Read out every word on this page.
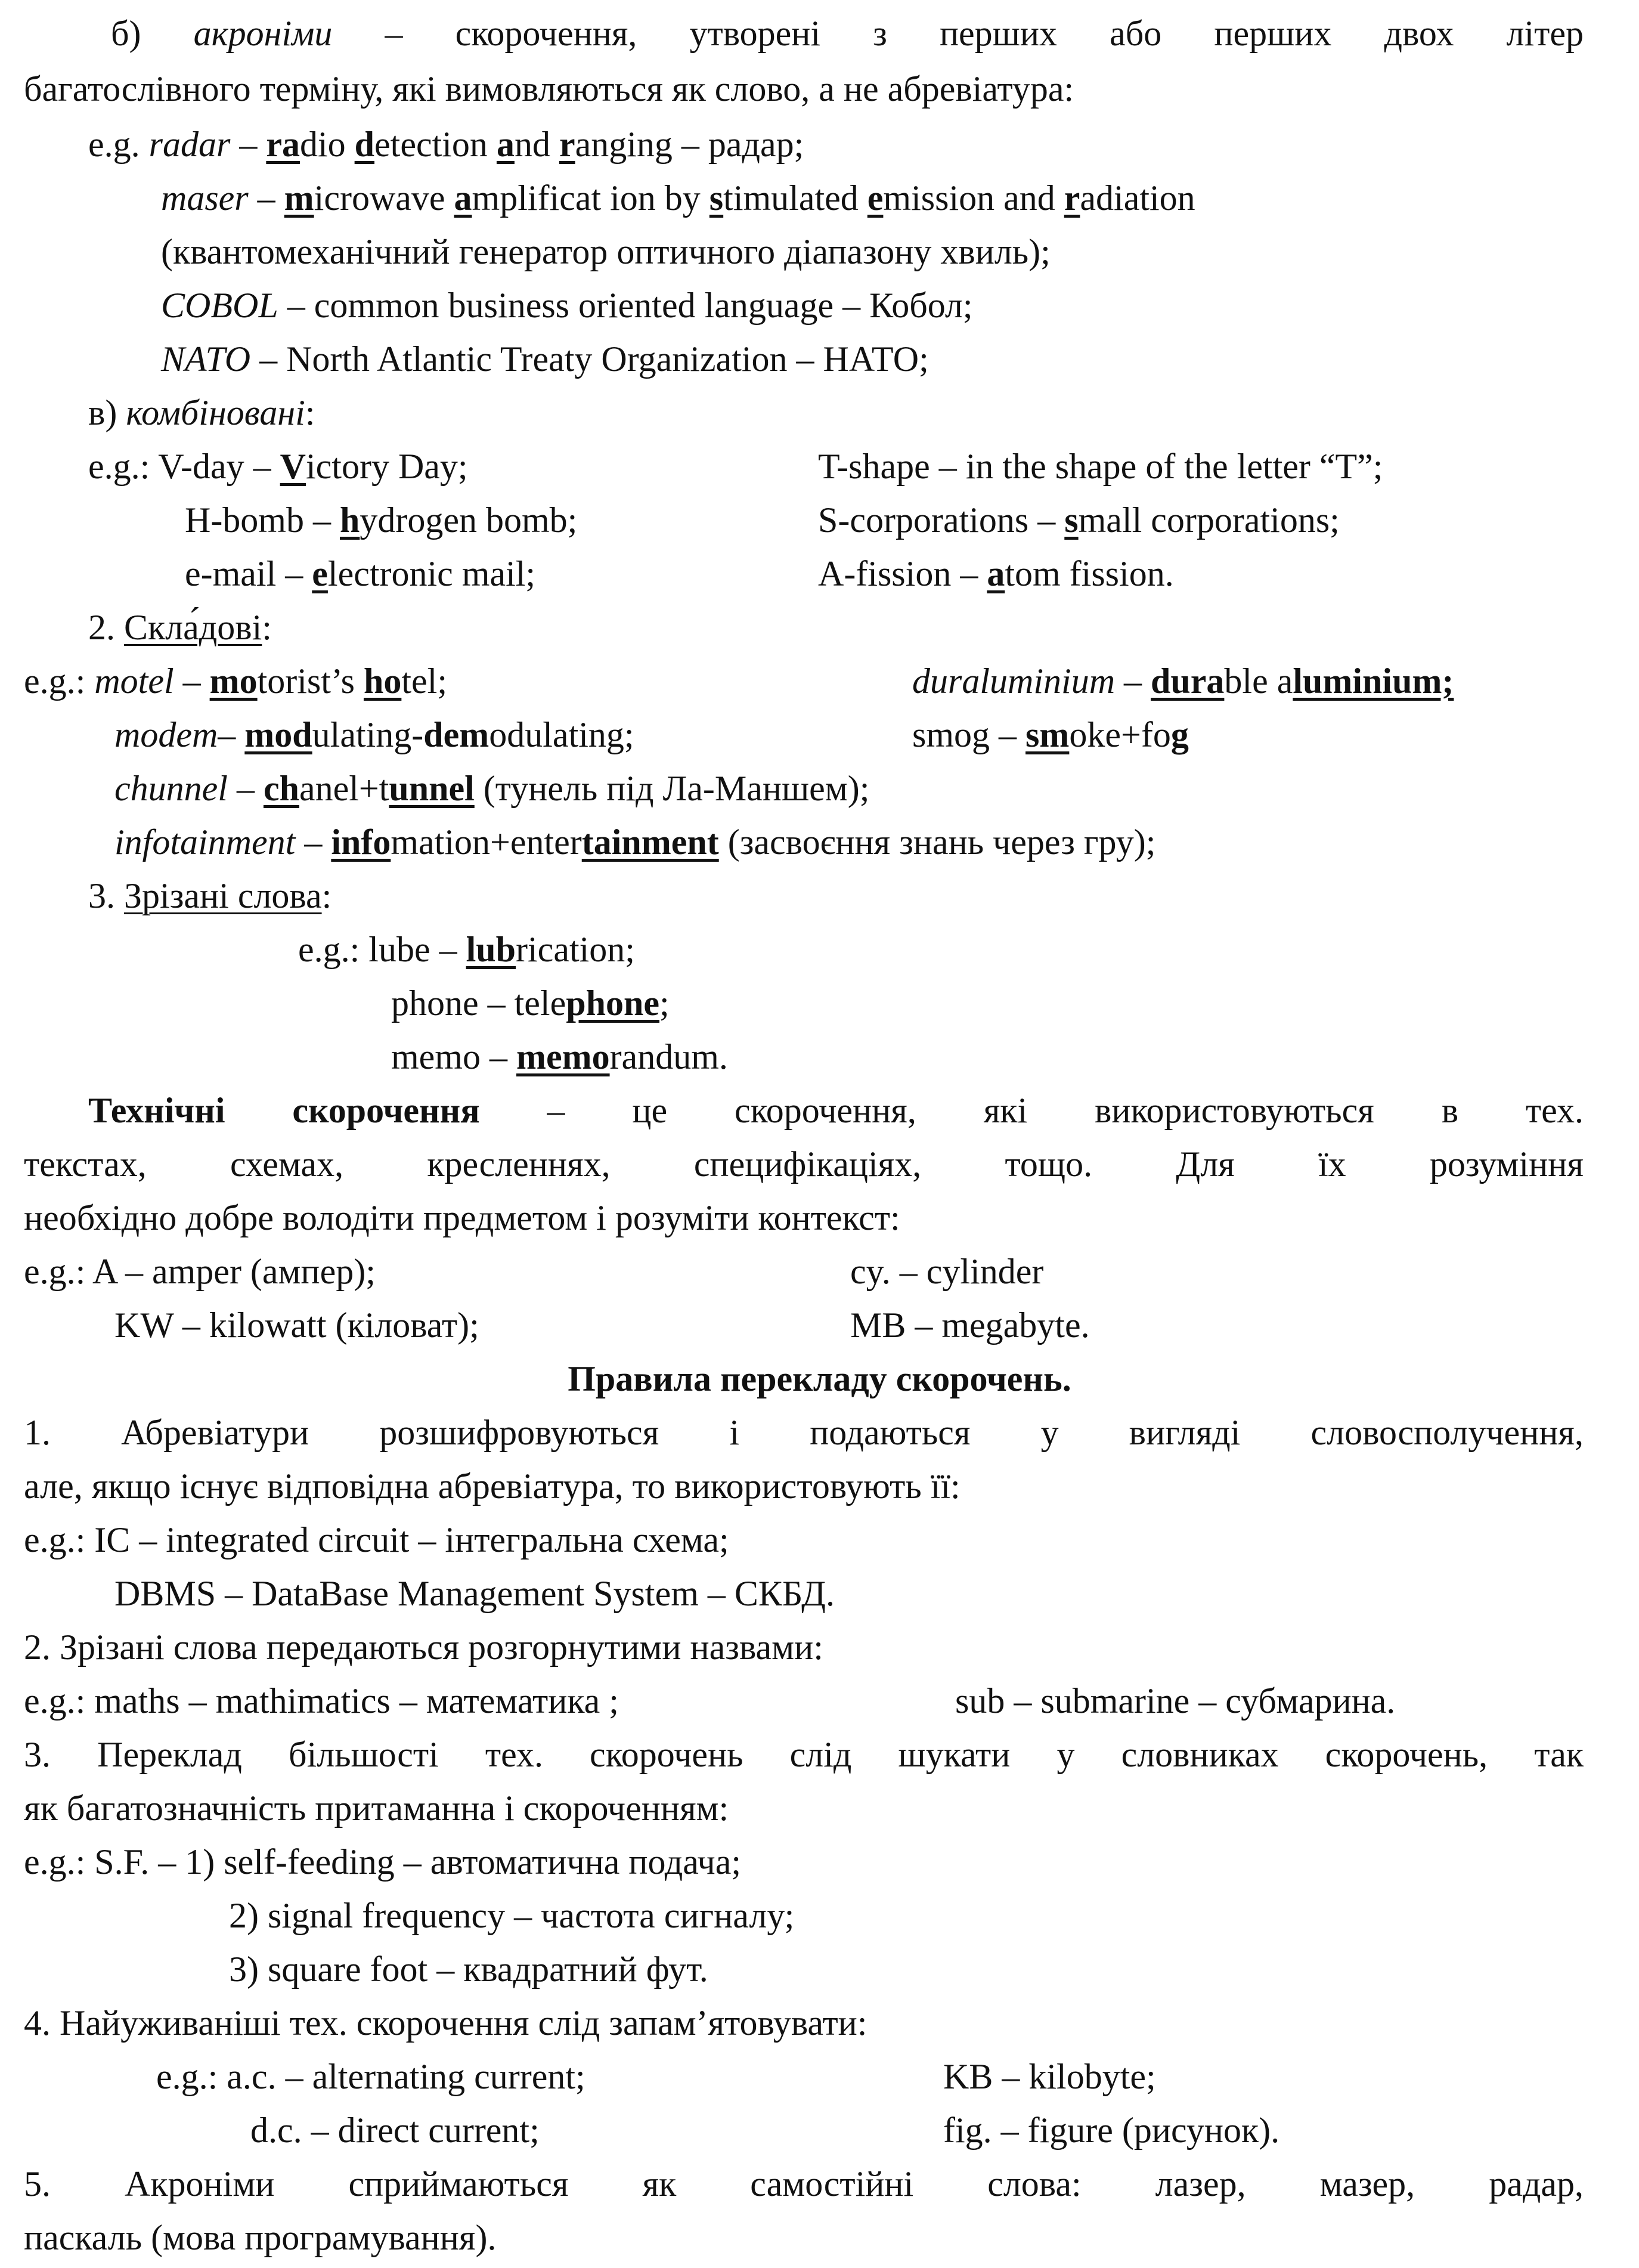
б) акроніми – скорочення, утворені з перших або перших двох літер
багатослівного терміну, які вимовляються як слово, а не абревіатура:
e.g. radar – radio detection and ranging – радар;
maser – microwave amplificat ion by stimulated emission and radiation
(квантомеханічний генератор оптичного діапазону хвиль);
COBOL – common business oriented language – Кобол;
NATO – North Atlantic Treaty Organization – НАТО;
в) комбіновані:
e.g.: V-day – Victory Day;	T-shape – in the shape of the letter “T”;
H-bomb – hydrogen bomb;	S-corporations – small corporations;
e-mail – electronic mail;	A-fission – atom fission.
2. Скла́дові:
e.g.: motel – motorist’s hotel;	duraluminium – durable aluminium;
modem– modulating-demodulating;	smog – smoke+fog
chunnel – chanel+tunnel (тунель під Ла-Маншем);
infotainment – infomation+entertainment (засвоєння знань через гру);
3. Зрізані слова:
e.g.: lube – lubrication;
phone – telephone;
memo – memorandum.
Технічні скорочення – це скорочення, які використовуються в тех.
текстах, схемах, кресленнях, специфікаціях, тощо. Для їх розуміння
необхідно добре володіти предметом і розуміти контекст:
e.g.: A – amper (ампер);	cy. – cylinder
KW – kilowatt (кіловат);	MB – megabyte.
Правила перекладу скорочень.
1. Абревіатури розшифровуються і подаються у вигляді словосполучення,
але, якщо існує відповідна абревіатура, то використовують її:
e.g.: IC – integrated circuit – інтегральна схема;
DBMS – DataBase Management System – СКБД.
2. Зрізані слова передаються розгорнутими назвами:
e.g.: maths – mathimatics – математика ;	sub – submarine – субмарина.
3. Переклад більшості тех. скорочень слід шукати у словниках скорочень, так
як багатозначність притаманна і скороченням:
e.g.: S.F. – 1) self-feeding – автоматична подача;
2) signal frequency – частота сигналу;
3) square foot – квадратний фут.
4. Найуживаніші тех. скорочення слід запам’ятовувати:
e.g.: a.c. – alternating current;	KB – kilobyte;
d.c. – direct current;	fig. – figure (рисунок).
5. Акроніми сприймаються як самостійні слова: лазер, мазер, радар,
паскаль (мова програмування).
